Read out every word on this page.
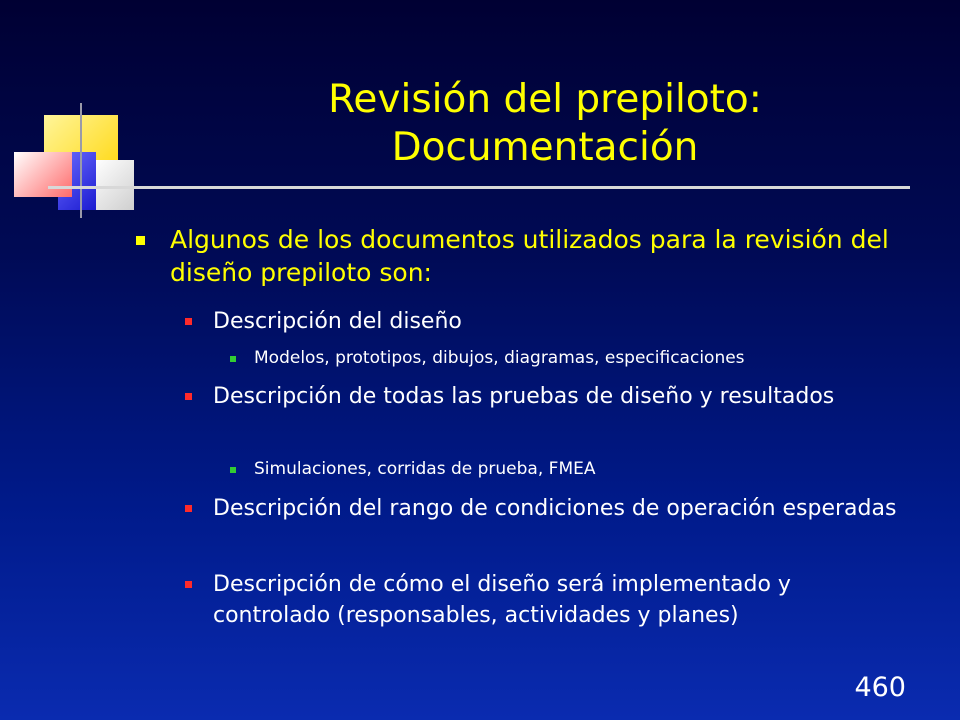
Revisión del prepiloto:
Documentación
Algunos de los documentos utilizados para la revisión del diseño prepiloto son:
Descripción del diseño
Modelos, prototipos, dibujos, diagramas, especificaciones
Descripción de todas las pruebas de diseño y resultados
Simulaciones, corridas de prueba, FMEA
Descripción del rango de condiciones de operación esperadas
Descripción de cómo el diseño será implementado y controlado (responsables, actividades y planes)
460
